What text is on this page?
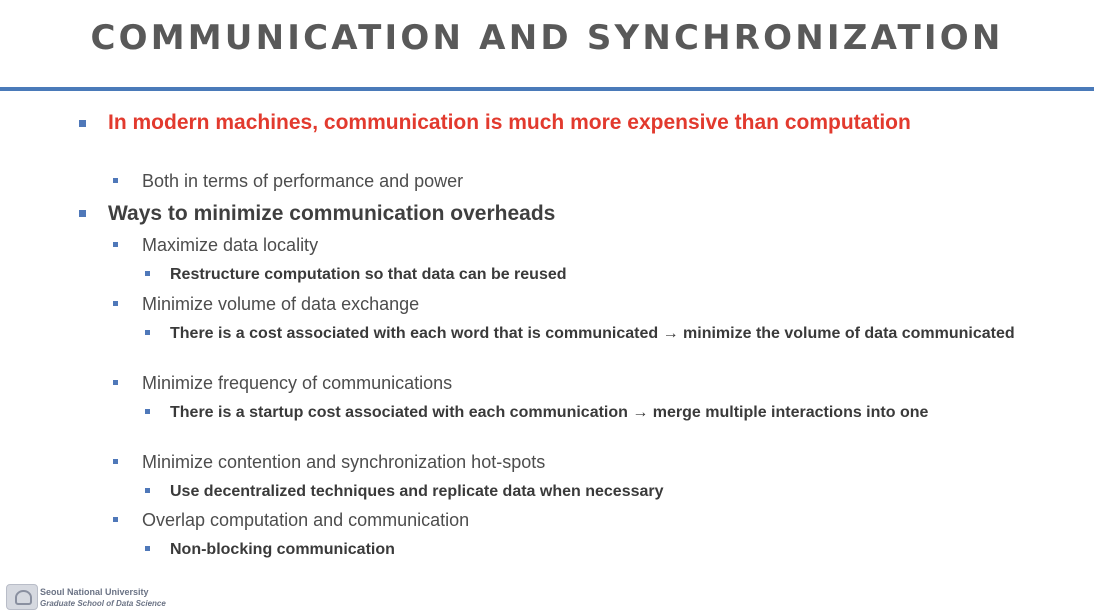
COMMUNICATION AND SYNCHRONIZATION
In modern machines, communication is much more expensive than computation
Both in terms of performance and power
Ways to minimize communication overheads
Maximize data locality
Restructure computation so that data can be reused
Minimize volume of data exchange
There is a cost associated with each word that is communicated → minimize the volume of data communicated
Minimize frequency of communications
There is a startup cost associated with each communication → merge multiple interactions into one
Minimize contention and synchronization hot-spots
Use decentralized techniques and replicate data when necessary
Overlap computation and communication
Non-blocking communication
Seoul National University
Graduate School of Data Science
